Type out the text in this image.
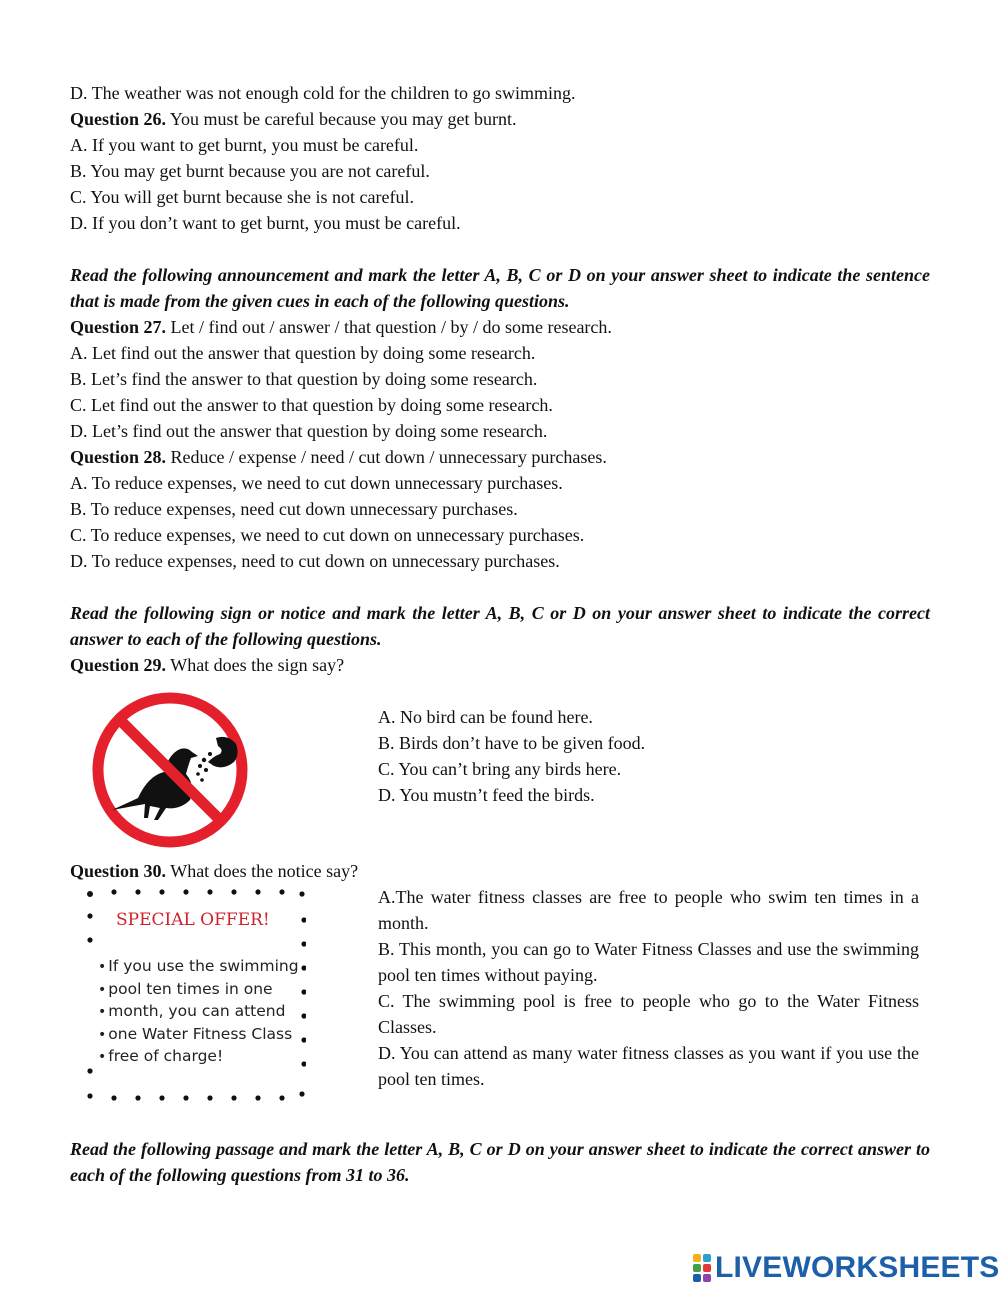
D. The weather was not enough cold for the children to go swimming.
Question 26. You must be careful because you may get burnt.
A. If you want to get burnt, you must be careful.
B. You may get burnt because you are not careful.
C. You will get burnt because she is not careful.
D. If you don’t want to get burnt, you must be careful.
Read the following announcement and mark the letter A, B, C or D on your answer sheet to indicate the sentence that is made from the given cues in each of the following questions.
Question 27. Let / find out / answer / that question / by / do some research.
A. Let find out the answer that question by doing some research.
B. Let’s find the answer to that question by doing some research.
C. Let find out the answer to that question by doing some research.
D. Let’s find out the answer that question by doing some research.
Question 28. Reduce / expense / need / cut down / unnecessary purchases.
A. To reduce expenses, we need to cut down unnecessary purchases.
B. To reduce expenses, need cut down unnecessary purchases.
C. To reduce expenses, we need to cut down on unnecessary purchases.
D. To reduce expenses, need to cut down on unnecessary purchases.
Read the following sign or notice and mark the letter A, B, C or D on your answer sheet to indicate the correct answer to each of the following questions.
Question 29. What does the sign say?
A. No bird can be found here.
B. Birds don’t have to be given food.
C. You can’t bring any birds here.
D. You mustn’t feed the birds.
Question 30. What does the notice say?
SPECIAL OFFER!
• If you use the swimming
• pool ten times in one
• month, you can attend
• one Water Fitness Class
• free of charge!
A.The water fitness classes are free to people who swim ten times in a month.
B. This month, you can go to Water Fitness Classes and use the swimming pool ten times without paying.
C. The swimming pool is free to people who go to the Water Fitness Classes.
D. You can attend as many water fitness classes as you want if you use the pool ten times.
Read the following passage and mark the letter A, B, C or D on your answer sheet to indicate the correct answer to each of the following questions from 31 to 36.
LIVEWORKSHEETS
